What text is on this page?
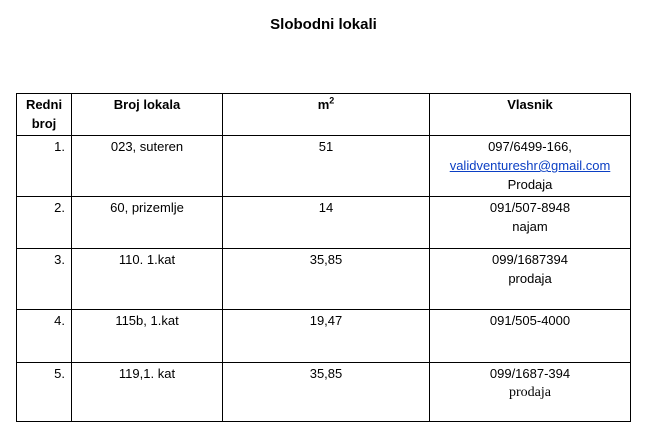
Slobodni lokali
Redni
broj	Broj lokala	$m^2$	Vlasnik
1.	023, suteren	51	097/6499-166,
validventureshr@gmail.com
Prodaja

2.	60, prizemlje	14	091/507-8948
najam

3.	110. 1.kat	35,85	099/1687394
prodaja

4.	115b, 1.kat	19,47	091/505-4000

5.	119,1. kat	35,85	099/1687-394
prodaja
